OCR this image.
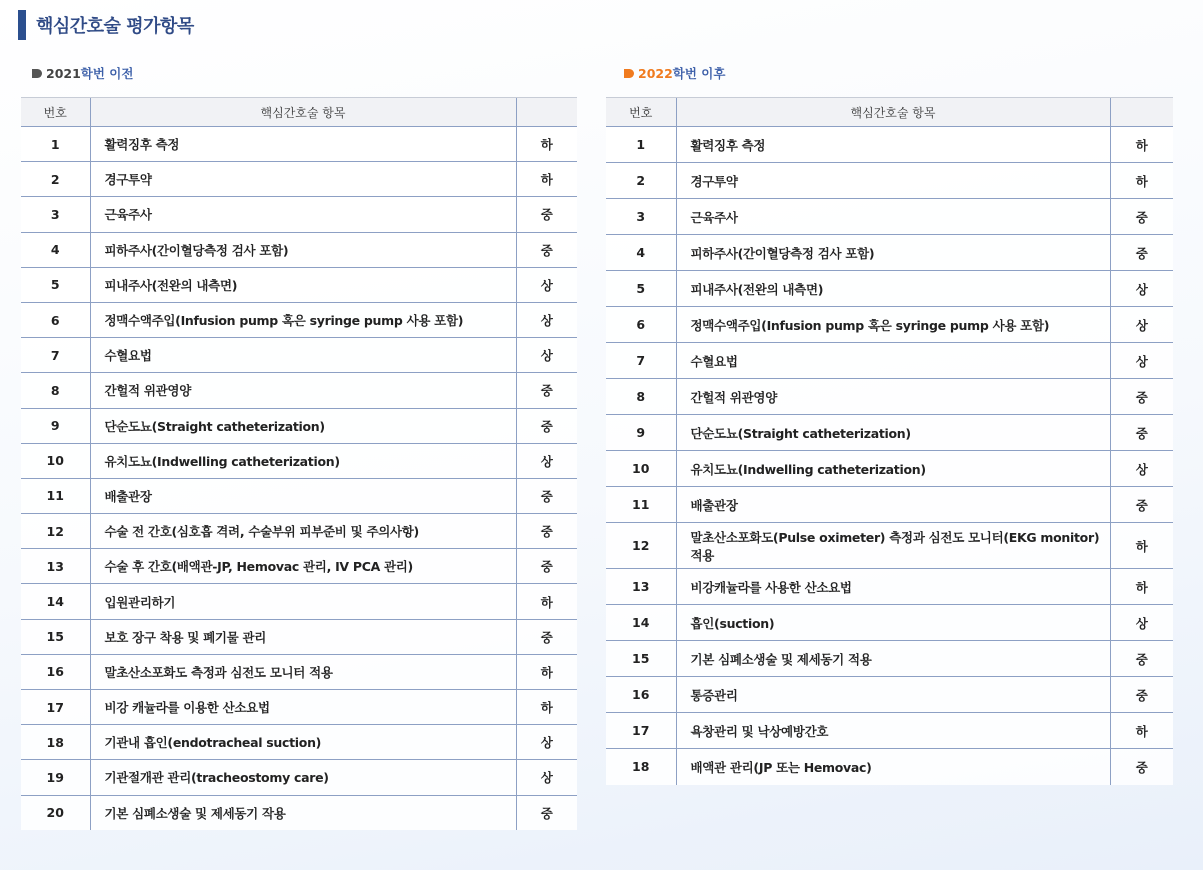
핵심간호술 평가항목
2021 학번 이전	2022 학번 이후
번호	핵심간호술 항목	
1	활력징후 측정	하
2	경구투약	하
3	근육주사	중
4	피하주사(간이혈당측정 검사 포함)	중
5	피내주사(전완의 내측면)	상
6	정맥수액주입(Infusion pump 혹은 syringe pump 사용 포함)	상
7	수혈요법	상
8	간헐적 위관영양	중
9	단순도뇨(Straight catheterization)	중
10	유치도뇨(Indwelling catheterization)	상
11	배출관장	중
12	수술 전 간호(심호흡 격려, 수술부위 피부준비 및 주의사항)	중
13	수술 후 간호(배액관-JP, Hemovac 관리, IV PCA 관리)	중
14	입원관리하기	하
15	보호 장구 착용 및 폐기물 관리	중
16	말초산소포화도 측정과 심전도 모니터 적용	하
17	비강 캐뉼라를 이용한 산소요법	하
18	기관내 흡인(endotracheal suction)	상
19	기관절개관 관리(tracheostomy care)	상
20	기본 심폐소생술 및 제세동기 작용	중
번호	핵심간호술 항목	
1	활력징후 측정	하
2	경구투약	하
3	근육주사	중
4	피하주사(간이혈당측정 검사 포함)	중
5	피내주사(전완의 내측면)	상
6	정맥수액주입(Infusion pump 혹은 syringe pump 사용 포함)	상
7	수혈요법	상
8	간헐적 위관영양	중
9	단순도뇨(Straight catheterization)	중
10	유치도뇨(Indwelling catheterization)	상
11	배출관장	중
12	말초산소포화도(Pulse oximeter) 측정과 심전도 모니터(EKG monitor) 적용	하
13	비강캐뉼라를 사용한 산소요법	하
14	흡인(suction)	상
15	기본 심폐소생술 및 제세동기 적용	중
16	통증관리	중
17	욕창관리 및 낙상예방간호	하
18	배액관 관리(JP 또는 Hemovac)	중
